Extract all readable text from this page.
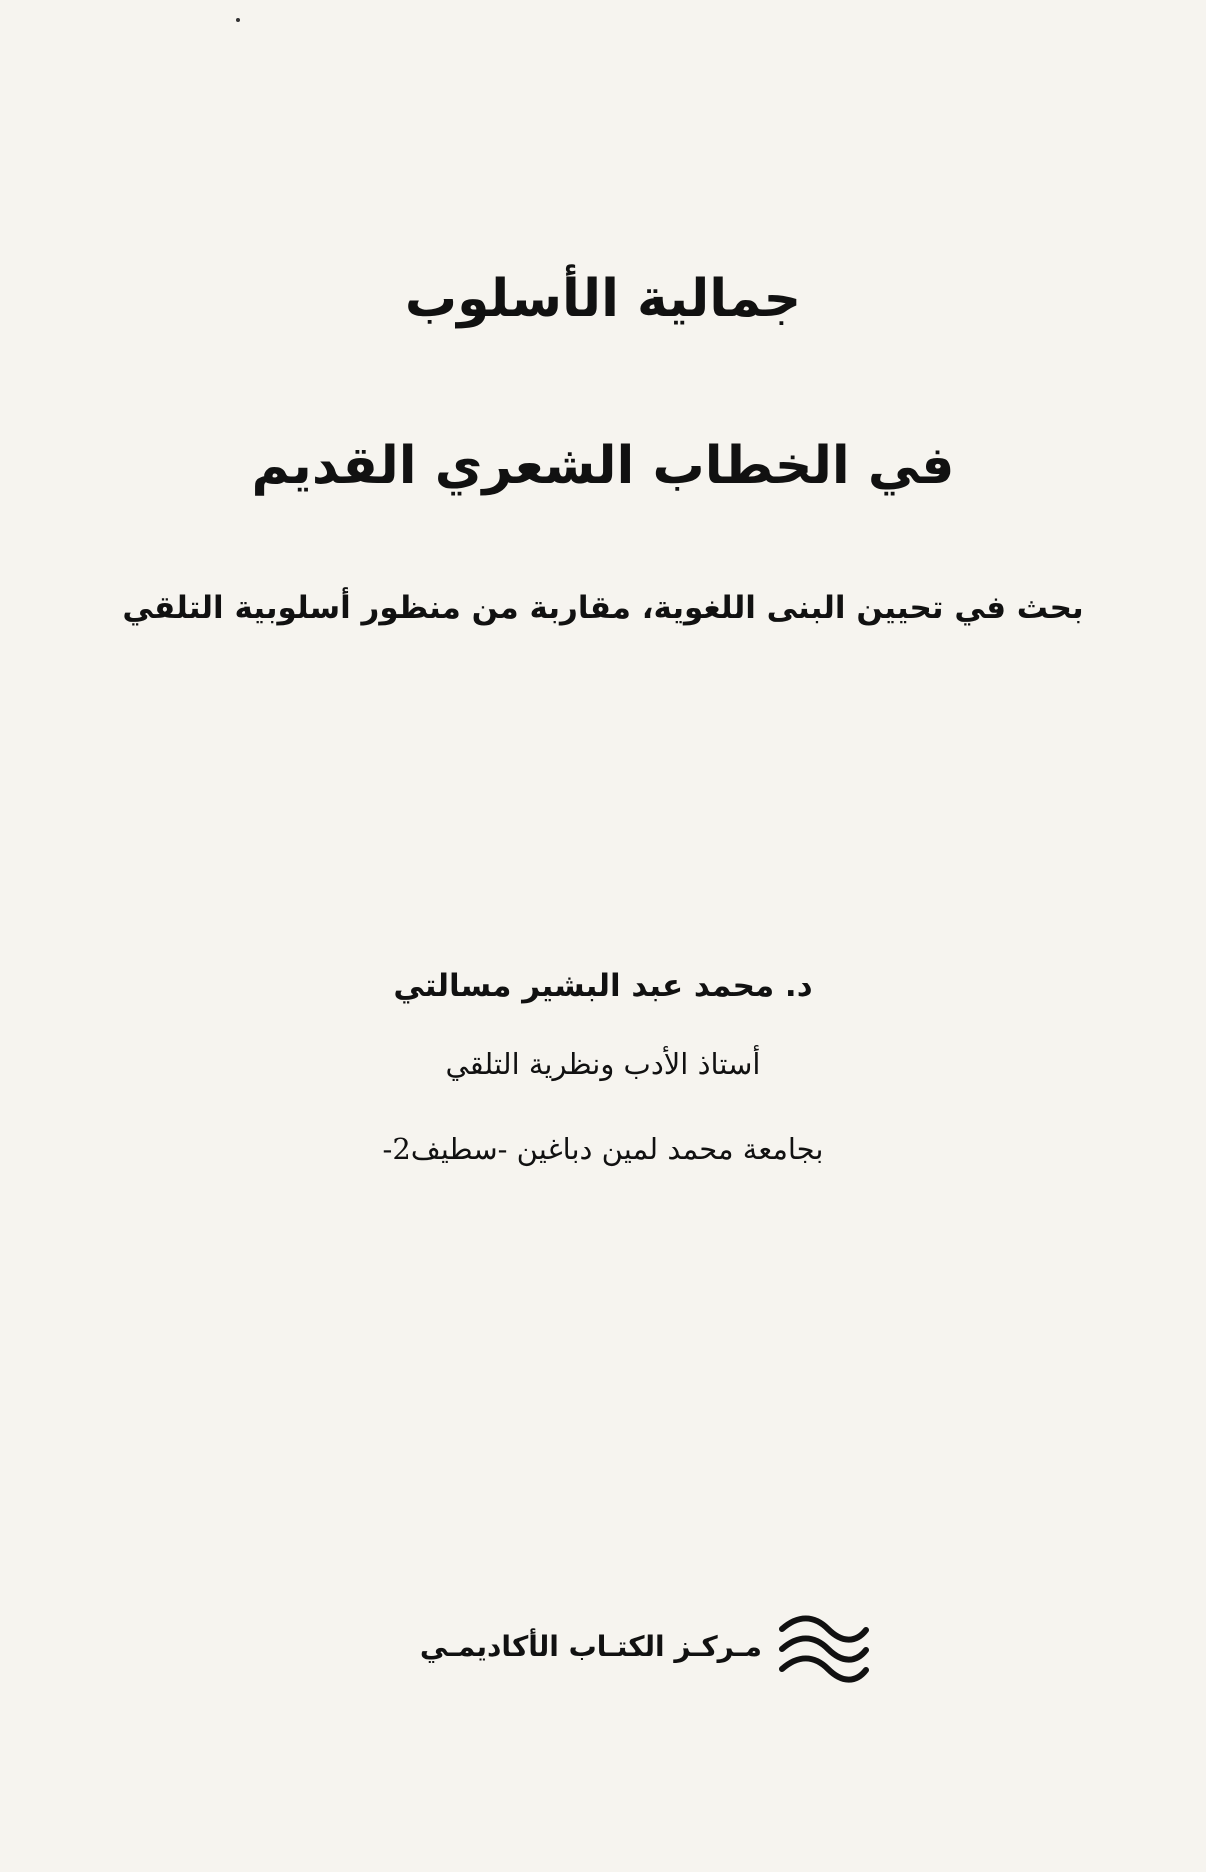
جمالية الأسلوب
في الخطاب الشعري القديم
بحث في تحيين البنى اللغوية، مقاربة من منظور أسلوبية التلقي
د. محمد عبد البشير مسالتي
أستاذ الأدب ونظرية التلقي
بجامعة محمد لمين دباغين -سطيف2-
مـركـز الكتـاب الأكاديمـي
